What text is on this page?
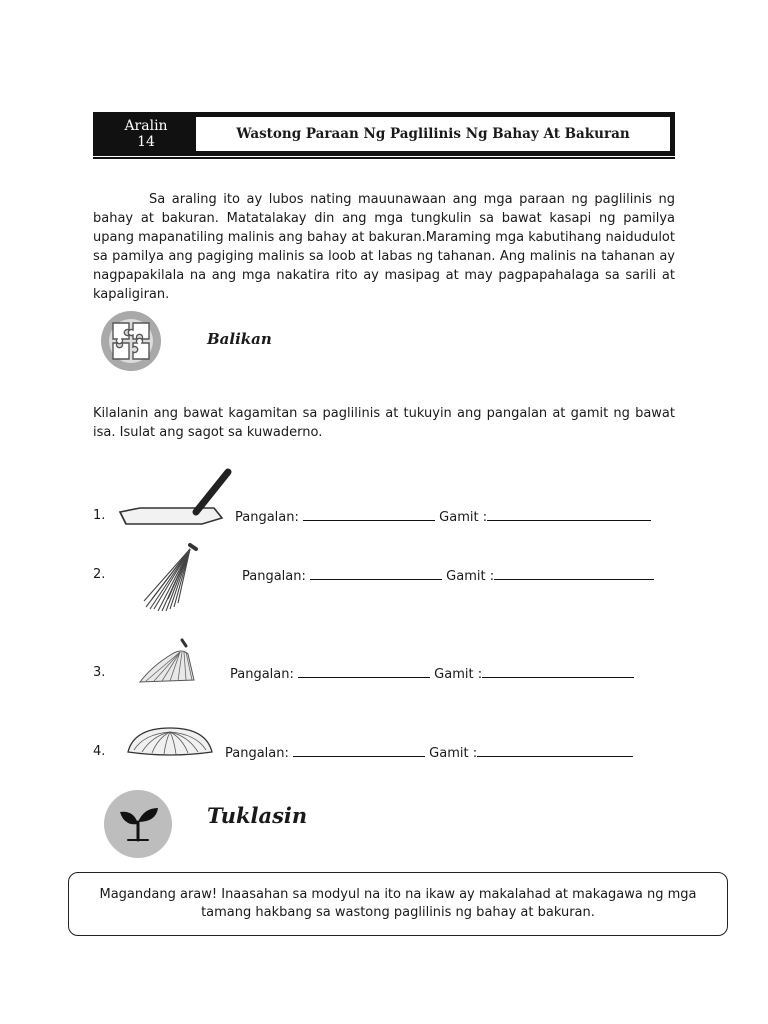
Aralin
14	Wastong Paraan Ng Paglilinis Ng Bahay At Bakuran

Sa araling ito ay lubos nating mauunawaan ang mga paraan ng paglilinis ng bahay at bakuran. Matatalakay din ang mga tungkulin sa bawat kasapi ng pamilya upang mapanatiling malinis ang bahay at bakuran.Maraming mga kabutihang naidudulot sa pamilya ang pagiging malinis sa loob at labas ng tahanan. Ang malinis na tahanan ay nagpapakilala na ang mga nakatira rito ay masipag at may pagpapahalaga sa sarili at kapaligiran.

Balikan

Kilalanin ang bawat kagamitan sa paglilinis at tukuyin ang pangalan at gamit ng bawat isa. Isulat ang sagot sa kuwaderno.

1.	Pangalan:	Gamit :
2.	Pangalan:	Gamit :
3.	Pangalan:	Gamit :
4.	Pangalan:	Gamit :
Tuklasin
Magandang araw! Inaasahan sa modyul na ito na ikaw ay makalahad at makagawa ng mga tamang hakbang sa wastong paglilinis ng bahay at bakuran.
